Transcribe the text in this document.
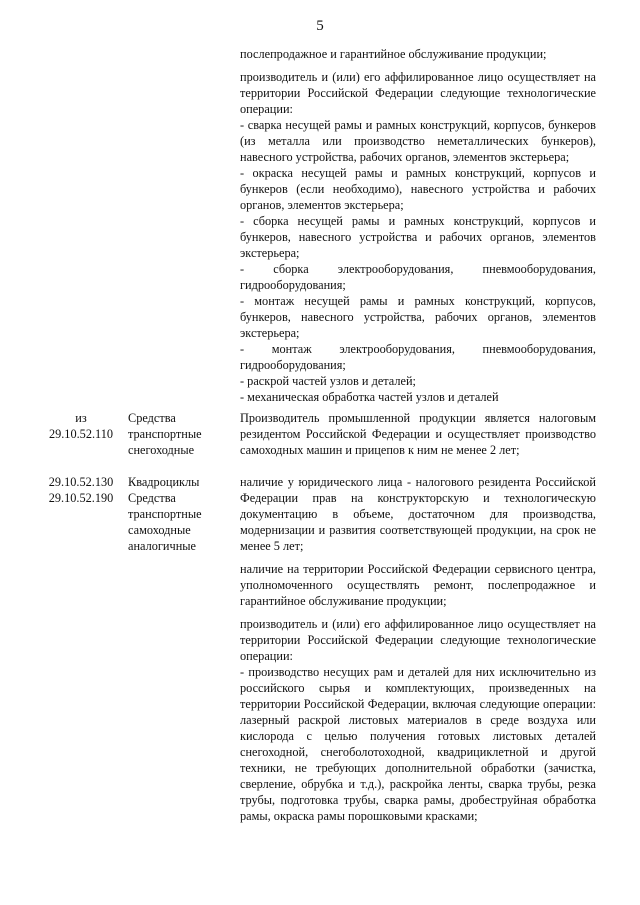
5

послепродажное и гарантийное обслуживание продукции;

производитель и (или) его аффилированное лицо осуществляет на территории Российской Федерации следующие технологические операции:
- сварка несущей рамы и рамных конструкций, корпусов, бункеров (из металла или производство неметаллических бункеров), навесного устройства, рабочих органов, элементов экстерьера;
- окраска несущей рамы и рамных конструкций, корпусов и бункеров (если необходимо), навесного устройства и рабочих органов, элементов экстерьера;
- сборка несущей рамы и рамных конструкций, корпусов и бункеров, навесного устройства и рабочих органов, элементов экстерьера;
- сборка электрооборудования, пневмооборудования, гидрооборудования;
- монтаж несущей рамы и рамных конструкций, корпусов, бункеров, навесного устройства, рабочих органов, элементов экстерьера;
- монтаж электрооборудования, пневмооборудования, гидрооборудования;
- раскрой частей узлов и деталей;
- механическая обработка частей узлов и деталей

из
29.10.52.110
Средства транспортные снегоходные

Производитель промышленной продукции является налоговым резидентом Российской Федерации и осуществляет производство самоходных машин и прицепов к ним не менее 2 лет;

29.10.52.130
29.10.52.190
Квадроциклы
Средства транспортные самоходные аналогичные

наличие у юридического лица - налогового резидента Российской Федерации прав на конструкторскую и технологическую документацию в объеме, достаточном для производства, модернизации и развития соответствующей продукции, на срок не менее 5 лет;

наличие на территории Российской Федерации сервисного центра, уполномоченного осуществлять ремонт, послепродажное и гарантийное обслуживание продукции;

производитель и (или) его аффилированное лицо осуществляет на территории Российской Федерации следующие технологические операции:
- производство несущих рам и деталей для них исключительно из российского сырья и комплектующих, произведенных на территории Российской Федерации, включая следующие операции: лазерный раскрой листовых материалов в среде воздуха или кислорода с целью получения готовых листовых деталей снегоходной, снегоболотоходной, квадрициклетной и другой техники, не требующих дополнительной обработки (зачистка, сверление, обрубка и т.д.), раскройка ленты, сварка трубы, резка трубы, подготовка трубы, сварка рамы, дробеструйная обработка рамы, окраска рамы порошковыми красками;
